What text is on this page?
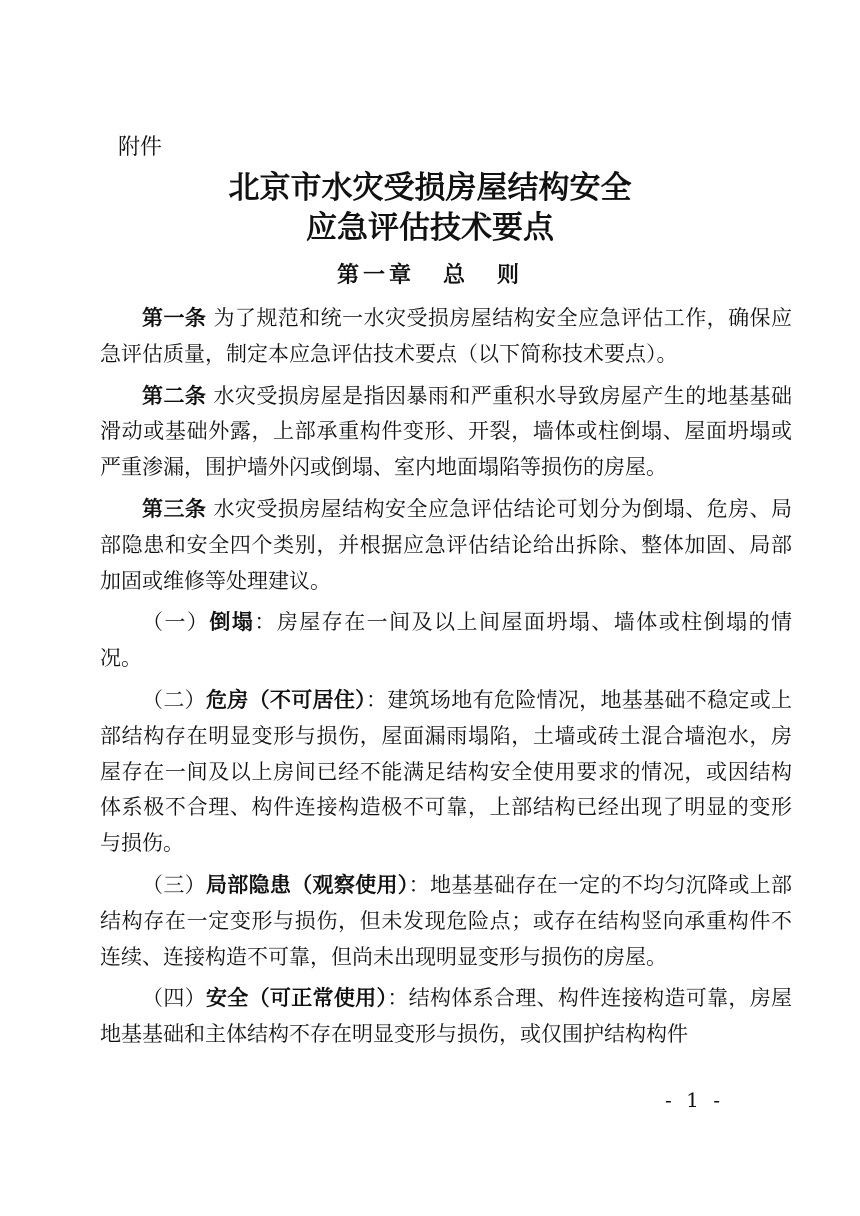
附件
北京市水灾受损房屋结构安全
应急评估技术要点
第一章 总 则

第一条 为了规范和统一水灾受损房屋结构安全应急评估工作，确保应急评估质量，制定本应急评估技术要点（以下简称技术要点）。

第二条 水灾受损房屋是指因暴雨和严重积水导致房屋产生的地基基础滑动或基础外露，上部承重构件变形、开裂，墙体或柱倒塌、屋面坍塌或严重渗漏，围护墙外闪或倒塌、室内地面塌陷等损伤的房屋。

第三条 水灾受损房屋结构安全应急评估结论可划分为倒塌、危房、局部隐患和安全四个类别，并根据应急评估结论给出拆除、整体加固、局部加固或维修等处理建议。

（一）倒塌：房屋存在一间及以上间屋面坍塌、墙体或柱倒塌的情况。

（二）危房（不可居住）：建筑场地有危险情况，地基基础不稳定或上部结构存在明显变形与损伤，屋面漏雨塌陷，土墙或砖土混合墙泡水，房屋存在一间及以上房间已经不能满足结构安全使用要求的情况，或因结构体系极不合理、构件连接构造极不可靠，上部结构已经出现了明显的变形与损伤。

（三）局部隐患（观察使用）：地基基础存在一定的不均匀沉降或上部结构存在一定变形与损伤，但未发现危险点；或存在结构竖向承重构件不连续、连接构造不可靠，但尚未出现明显变形与损伤的房屋。

（四）安全（可正常使用）：结构体系合理、构件连接构造可靠，房屋地基基础和主体结构不存在明显变形与损伤，或仅围护结构构件

- 1 -
